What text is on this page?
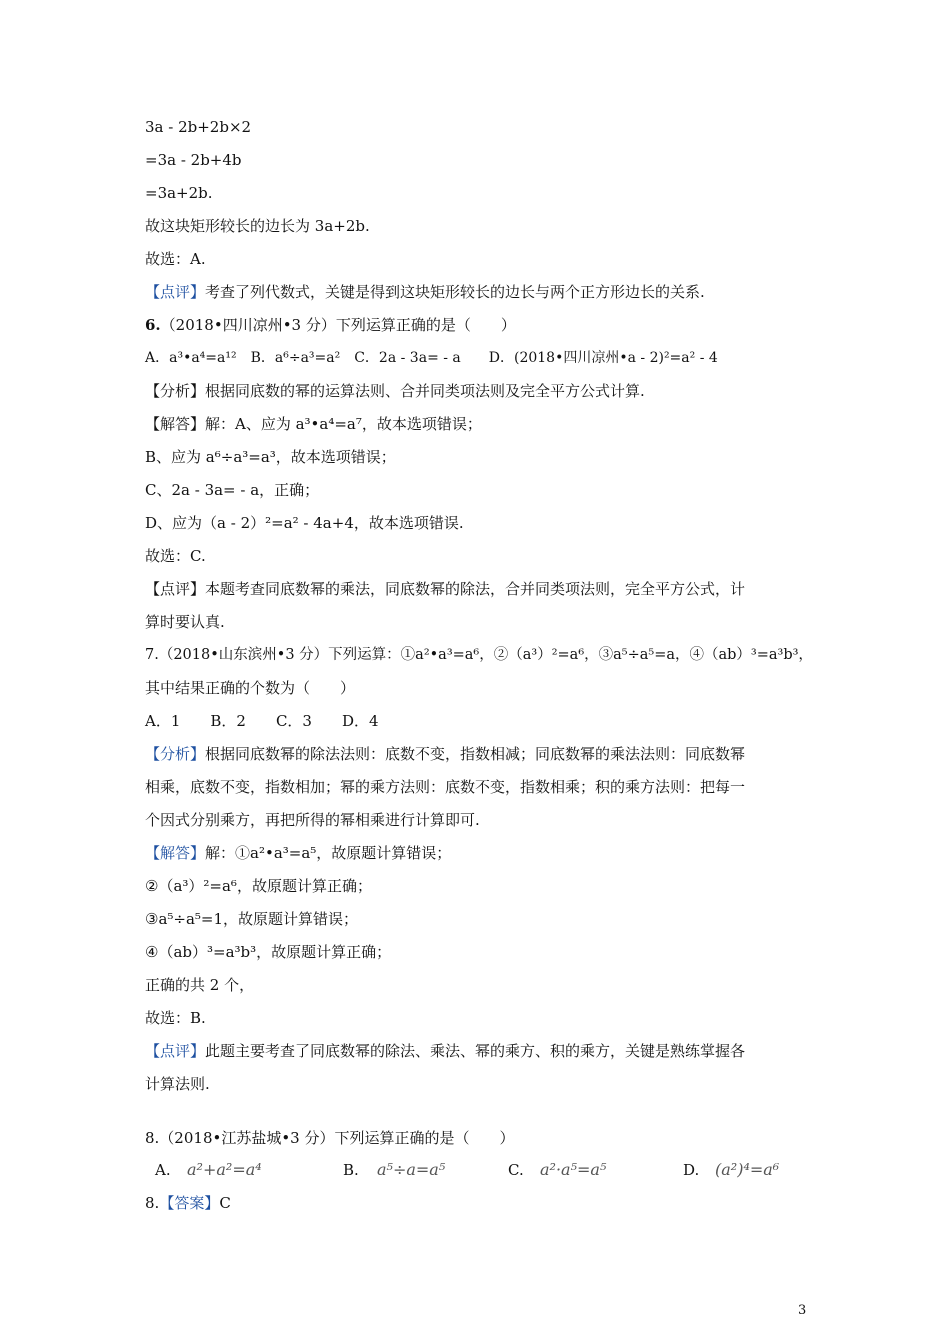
3a - 2b+2b×2
=3a - 2b+4b
=3a+2b.
故这块矩形较长的边长为 3a+2b.
故选：A.
【点评】考查了列代数式，关键是得到这块矩形较长的边长与两个正方形边长的关系.
6.（2018•四川凉州•3 分）下列运算正确的是（　　）
A．a³•a⁴=a¹²　B．a⁶÷a³=a²　C．2a - 3a= - a　　D．(2018•四川凉州•a - 2)²=a² - 4
【分析】根据同底数的幂的运算法则、合并同类项法则及完全平方公式计算.
【解答】解：A、应为 a³•a⁴=a⁷，故本选项错误；
B、应为 a⁶÷a³=a³，故本选项错误；
C、2a - 3a= - a，正确；
D、应为（a - 2）²=a² - 4a+4，故本选项错误.
故选：C.
【点评】本题考查同底数幂的乘法，同底数幂的除法，合并同类项法则，完全平方公式，计
算时要认真.
7.（2018•山东滨州•3 分）下列运算：①a²•a³=a⁶，②（a³）²=a⁶，③a⁵÷a⁵=a，④（ab）³=a³b³，
其中结果正确的个数为（　　）
A．1　　B．2　　C．3　　D．4
【分析】根据同底数幂的除法法则：底数不变，指数相减；同底数幂的乘法法则：同底数幂
相乘，底数不变，指数相加；幂的乘方法则：底数不变，指数相乘；积的乘方法则：把每一
个因式分别乘方，再把所得的幂相乘进行计算即可.
【解答】解：①a²•a³=a⁵，故原题计算错误；
②（a³）²=a⁶，故原题计算正确；
③a⁵÷a⁵=1，故原题计算错误；
④（ab）³=a³b³，故原题计算正确；
正确的共 2 个，
故选：B.
【点评】此题主要考查了同底数幂的除法、乘法、幂的乘方、积的乘方，关键是熟练掌握各
计算法则.
8.（2018•江苏盐城•3 分）下列运算正确的是（　　）
A. a²+a²=a⁴	B. a⁵÷a=a⁵	C. a²·a⁵=a⁵	D. (a²)⁴=a⁶
8.【答案】C
3
